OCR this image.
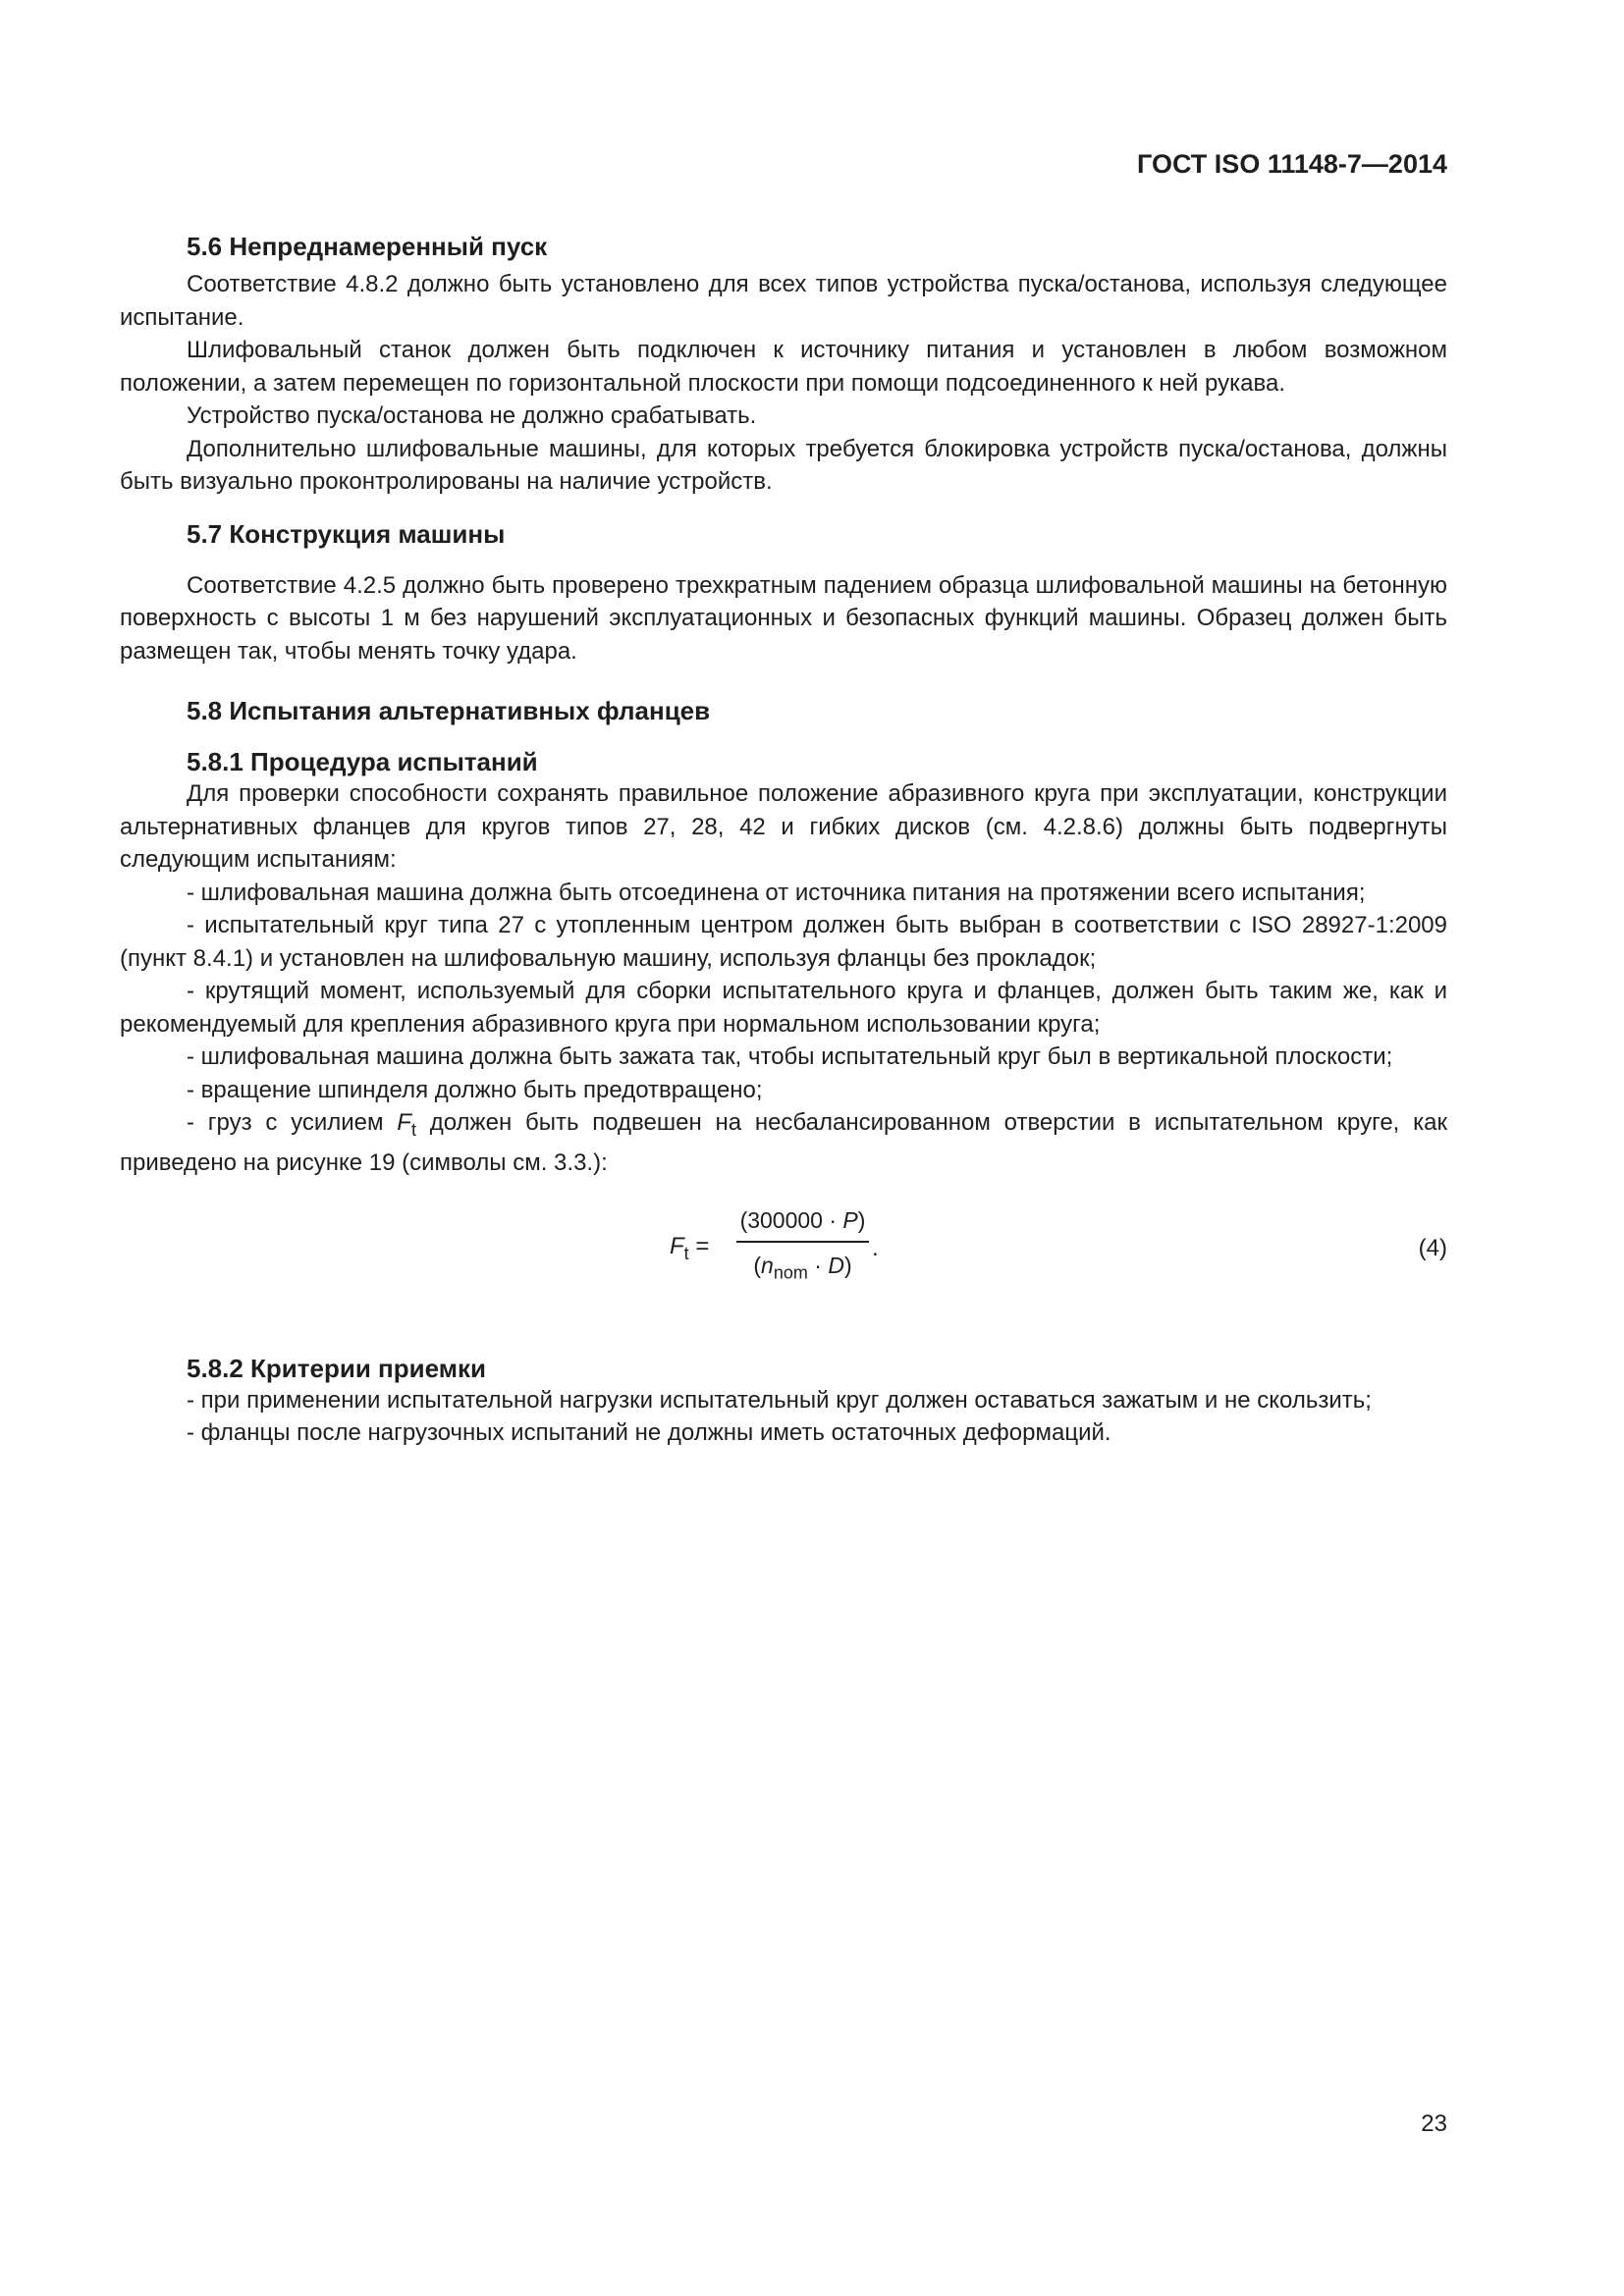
ГОСТ ISO 11148-7—2014
5.6 Непреднамеренный пуск

Соответствие 4.8.2 должно быть установлено для всех типов устройства пуска/останова, используя следующее испытание.

Шлифовальный станок должен быть подключен к источнику питания и установлен в любом возможном положении, а затем перемещен по горизонтальной плоскости при помощи подсоединенного к ней рукава.

Устройство пуска/останова не должно срабатывать.

Дополнительно шлифовальные машины, для которых требуется блокировка устройств пуска/останова, должны быть визуально проконтролированы на наличие устройств.

5.7 Конструкция машины

Соответствие 4.2.5 должно быть проверено трехкратным падением образца шлифовальной машины на бетонную поверхность с высоты 1 м без нарушений эксплуатационных и безопасных функций машины. Образец должен быть размещен так, чтобы менять точку удара.

5.8 Испытания альтернативных фланцев
5.8.1 Процедура испытаний

Для проверки способности сохранять правильное положение абразивного круга при эксплуатации, конструкции альтернативных фланцев для кругов типов 27, 28, 42 и гибких дисков (см. 4.2.8.6) должны быть подвергнуты следующим испытаниям:

- шлифовальная машина должна быть отсоединена от источника питания на протяжении всего испытания;

- испытательный круг типа 27 с утопленным центром должен быть выбран в соответствии с ISO 28927-1:2009 (пункт 8.4.1) и установлен на шлифовальную машину, используя фланцы без прокладок;

- крутящий момент, используемый для сборки испытательного круга и фланцев, должен быть таким же, как и рекомендуемый для крепления абразивного круга при нормальном использовании круга;

- шлифовальная машина должна быть зажата так, чтобы испытательный круг был в вертикальной плоскости;

- вращение шпинделя должно быть предотвращено;

- груз с усилием $F_t$ должен быть подвешен на несбалансированном отверстии в испытательном круге, как приведено на рисунке 19 (символы см. 3.3.):

$F_t$ =
(300000 · P)
$(n_{nom} \cdot D)$
.	(4)
5.8.2 Критерии приемки

- при применении испытательной нагрузки испытательный круг должен оставаться зажатым и не скользить;

- фланцы после нагрузочных испытаний не должны иметь остаточных деформаций.

23
